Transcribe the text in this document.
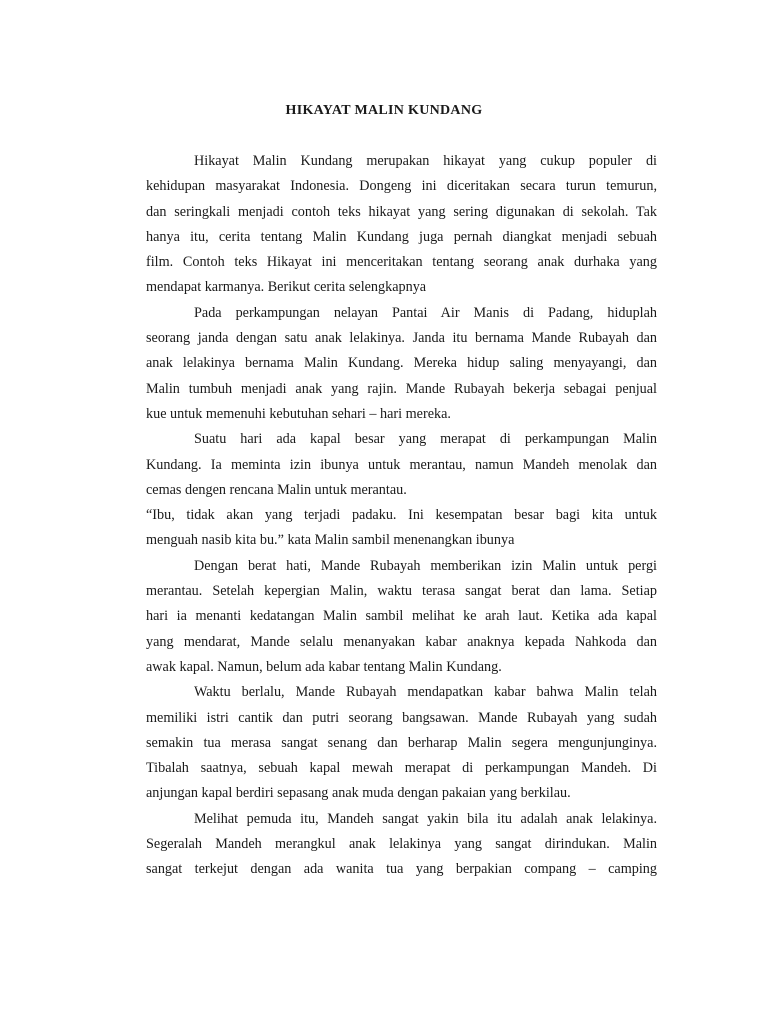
HIKAYAT MALIN KUNDANG
Hikayat Malin Kundang merupakan hikayat yang cukup populer di
kehidupan masyarakat Indonesia. Dongeng ini diceritakan secara turun temurun,
dan seringkali menjadi contoh teks hikayat yang sering digunakan di sekolah. Tak
hanya itu, cerita tentang Malin Kundang juga pernah diangkat menjadi sebuah
film. Contoh teks Hikayat ini menceritakan tentang seorang anak durhaka yang
mendapat karmanya. Berikut cerita selengkapnya
Pada perkampungan nelayan Pantai Air Manis di Padang, hiduplah
seorang janda dengan satu anak lelakinya. Janda itu bernama Mande Rubayah dan
anak lelakinya bernama Malin Kundang. Mereka hidup saling menyayangi, dan
Malin tumbuh menjadi anak yang rajin. Mande Rubayah bekerja sebagai penjual
kue untuk memenuhi kebutuhan sehari – hari mereka.
Suatu hari ada kapal besar yang merapat di perkampungan Malin
Kundang. Ia meminta izin ibunya untuk merantau, namun Mandeh menolak dan
cemas dengen rencana Malin untuk merantau.
“Ibu, tidak akan yang terjadi padaku. Ini kesempatan besar bagi kita untuk
menguah nasib kita bu.” kata Malin sambil menenangkan ibunya
Dengan berat hati, Mande Rubayah memberikan izin Malin untuk pergi
merantau. Setelah kepergian Malin, waktu terasa sangat berat dan lama. Setiap
hari ia menanti kedatangan Malin sambil melihat ke arah laut. Ketika ada kapal
yang mendarat, Mande selalu menanyakan kabar anaknya kepada Nahkoda dan
awak kapal. Namun, belum ada kabar tentang Malin Kundang.
Waktu berlalu, Mande Rubayah mendapatkan kabar bahwa Malin telah
memiliki istri cantik dan putri seorang bangsawan. Mande Rubayah yang sudah
semakin tua merasa sangat senang dan berharap Malin segera mengunjunginya.
Tibalah saatnya, sebuah kapal mewah merapat di perkampungan Mandeh. Di
anjungan kapal berdiri sepasang anak muda dengan pakaian yang berkilau.
Melihat pemuda itu, Mandeh sangat yakin bila itu adalah anak lelakinya.
Segeralah Mandeh merangkul anak lelakinya yang sangat dirindukan. Malin
sangat terkejut dengan ada wanita tua yang berpakian compang – camping
